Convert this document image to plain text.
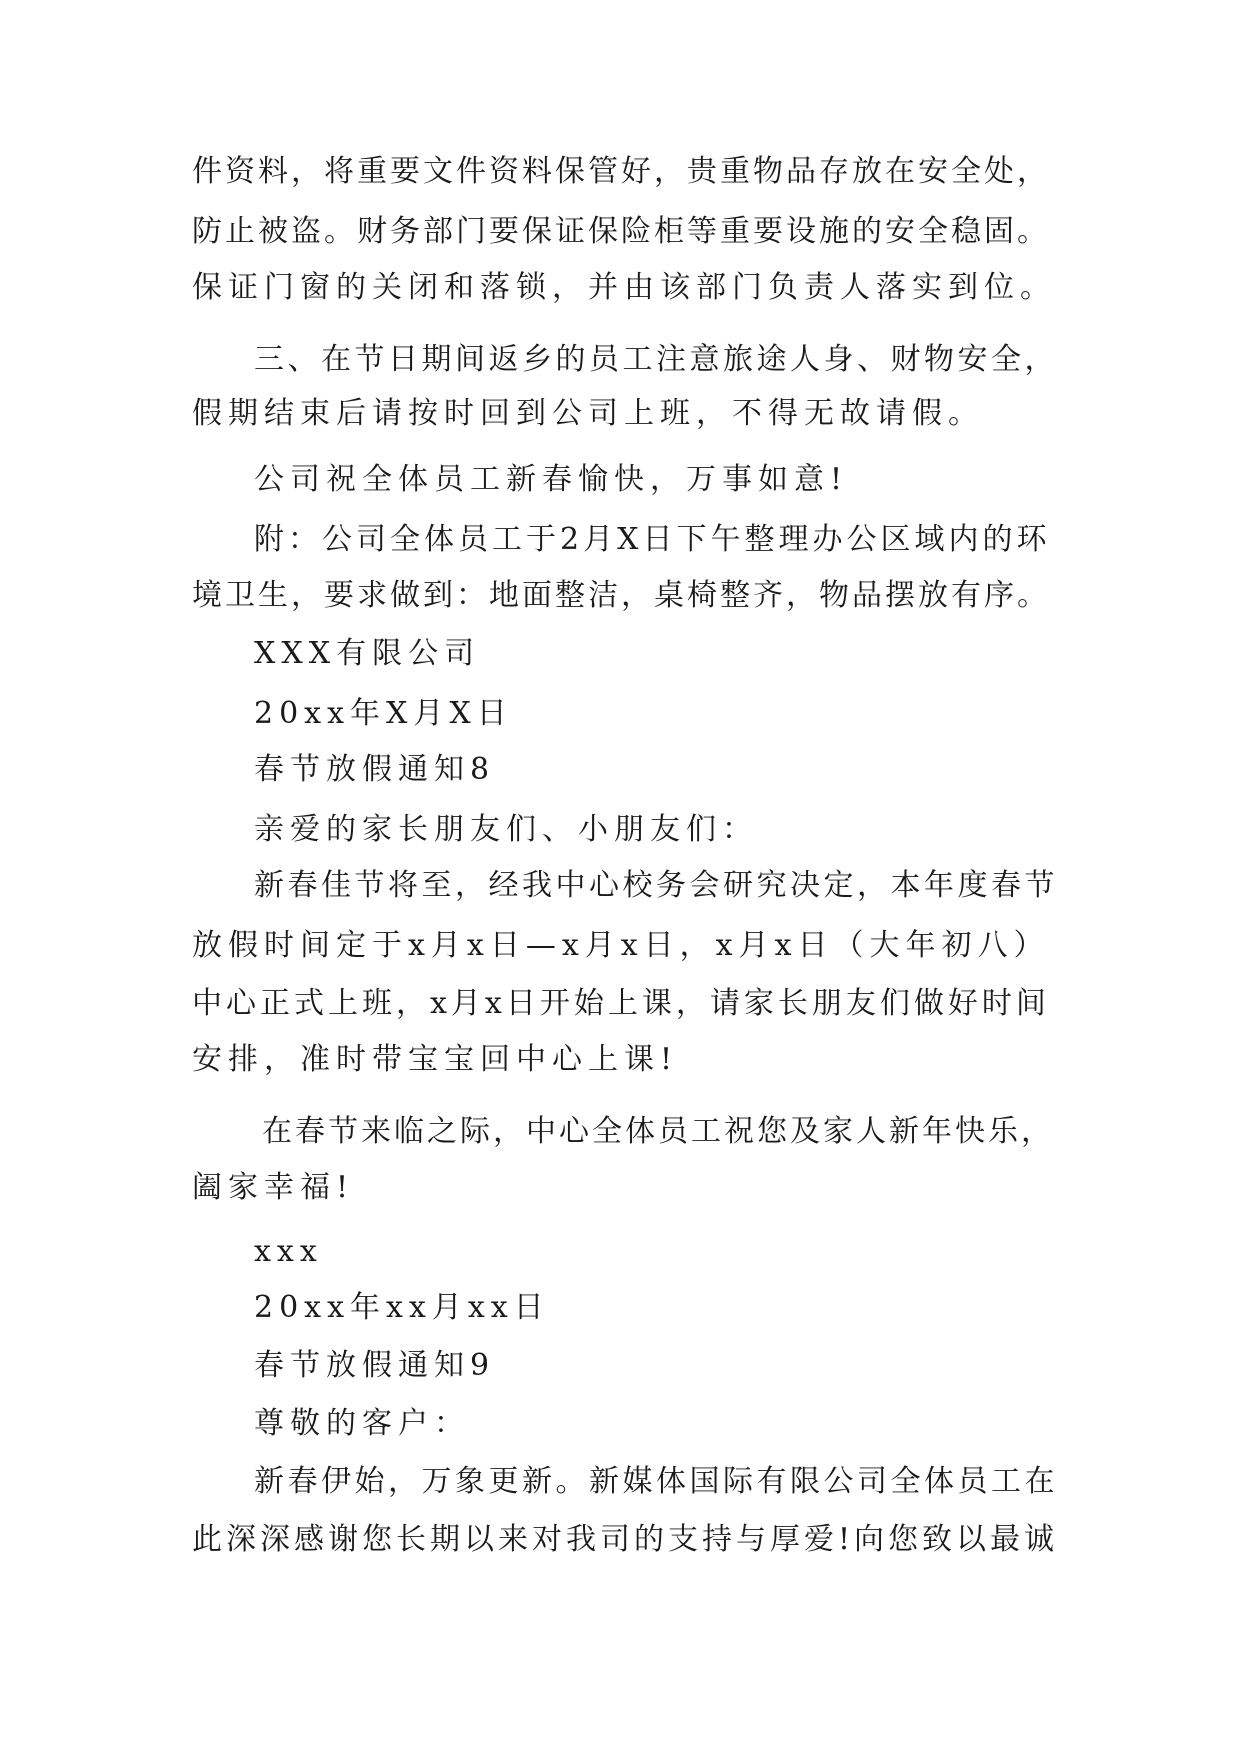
件资料，将重要文件资料保管好，贵重物品存放在安全处，
防止被盗。财务部门要保证保险柜等重要设施的安全稳固。
保证门窗的关闭和落锁，并由该部门负责人落实到位。
三、在节日期间返乡的员工注意旅途人身、财物安全，
假期结束后请按时回到公司上班，不得无故请假。
公司祝全体员工新春愉快，万事如意!
附：公司全体员工于2月X日下午整理办公区域内的环
境卫生，要求做到：地面整洁，桌椅整齐，物品摆放有序。
XXX有限公司
20xx年X月X日
春节放假通知8
亲爱的家长朋友们、小朋友们：
新春佳节将至，经我中心校务会研究决定，本年度春节
放假时间定于x月x日—x月x日，x月x日（大年初八）
中心正式上班，x月x日开始上课，请家长朋友们做好时间
安排，准时带宝宝回中心上课!
在春节来临之际，中心全体员工祝您及家人新年快乐，
阖家幸福!
xxx
20xx年xx月xx日
春节放假通知9
尊敬的客户：
新春伊始，万象更新。新媒体国际有限公司全体员工在
此深深感谢您长期以来对我司的支持与厚爱!向您致以最诚
